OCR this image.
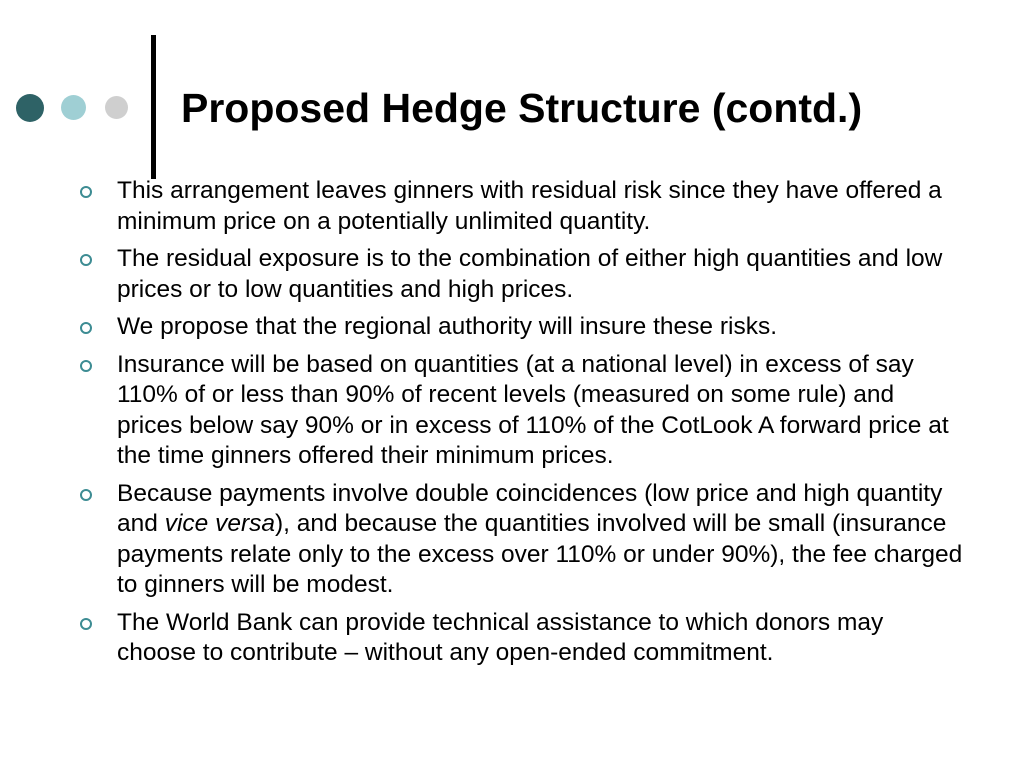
Proposed Hedge Structure (contd.)
This arrangement leaves ginners with residual risk since they have offered a minimum price on a potentially unlimited quantity.
The residual exposure is to the combination of either high quantities and low prices or to low quantities and high prices.
We propose that the regional authority will insure these risks.
Insurance will be based on quantities (at a national level) in excess of say 110% of or less than 90% of recent levels (measured on some rule) and prices below say 90% or in excess of 110% of the CotLook A forward price at the time ginners offered their minimum prices.
Because payments involve double coincidences (low price and high quantity and vice versa), and because the quantities involved will be small (insurance payments relate only to the excess over 110% or under 90%), the fee charged to ginners will be modest.
The World Bank can provide technical assistance to which donors may choose to contribute – without any open-ended commitment.
